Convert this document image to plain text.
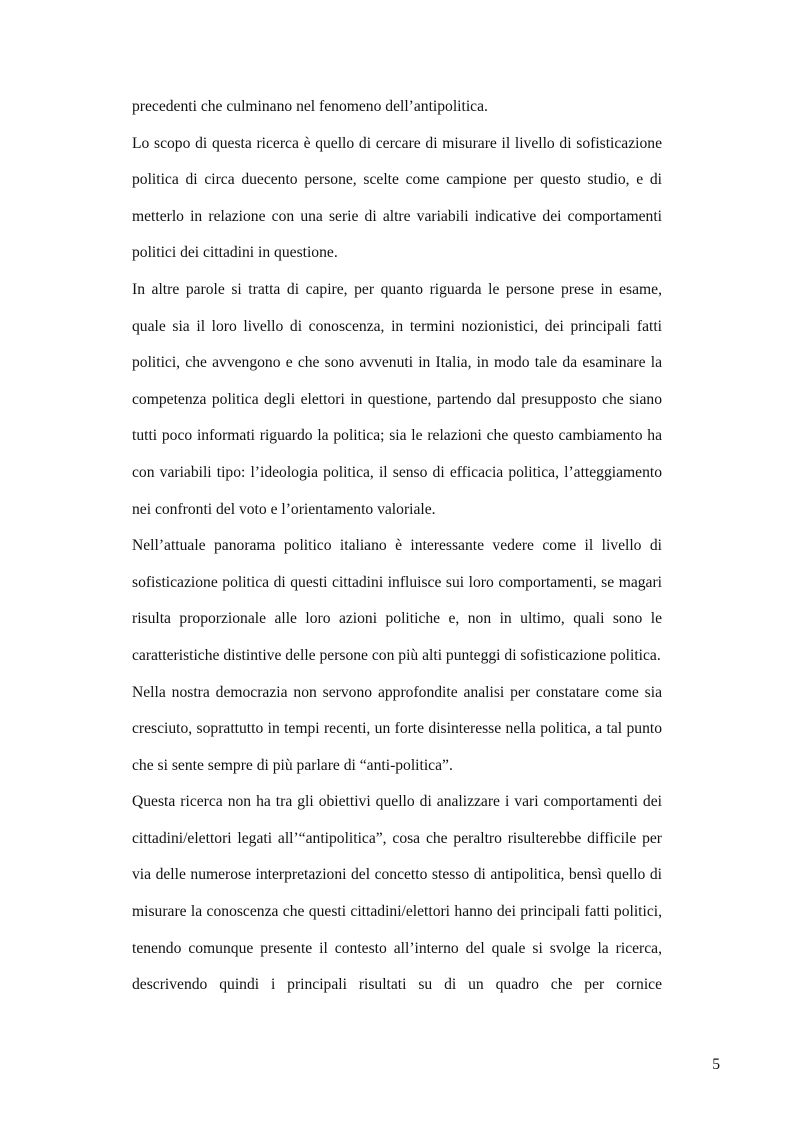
precedenti che culminano nel fenomeno dell’antipolitica.

Lo scopo di questa ricerca è quello di cercare di misurare il livello di sofisticazione politica di circa duecento persone, scelte come campione per questo studio, e di metterlo in relazione con una serie di altre variabili indicative dei comportamenti politici dei cittadini in questione.

In altre parole si tratta di capire, per quanto riguarda le persone prese in esame, quale sia il loro livello di conoscenza, in termini nozionistici, dei principali fatti politici, che avvengono e che sono avvenuti in Italia, in modo tale da esaminare la competenza politica degli elettori in questione, partendo dal presupposto che siano tutti poco informati riguardo la politica; sia le relazioni che questo cambiamento ha con variabili tipo: l’ideologia politica, il senso di efficacia politica, l’atteggiamento nei confronti del voto e l’orientamento valoriale.

Nell’attuale panorama politico italiano è interessante vedere come il livello di sofisticazione politica di questi cittadini influisce sui loro comportamenti, se magari risulta proporzionale alle loro azioni politiche e, non in ultimo, quali sono le caratteristiche distintive delle persone con più alti punteggi di sofisticazione politica.

Nella nostra democrazia non servono approfondite analisi per constatare come sia cresciuto, soprattutto in tempi recenti, un forte disinteresse nella politica, a tal punto che si sente sempre di più parlare di “anti-politica”.

Questa ricerca non ha tra gli obiettivi quello di analizzare i vari comportamenti dei cittadini/elettori legati all’“antipolitica”, cosa che peraltro risulterebbe difficile per via delle numerose interpretazioni del concetto stesso di antipolitica, bensì quello di misurare la conoscenza che questi cittadini/elettori hanno dei principali fatti politici, tenendo comunque presente il contesto all’interno del quale si svolge la ricerca, descrivendo quindi i principali risultati su di un quadro che per cornice

5
